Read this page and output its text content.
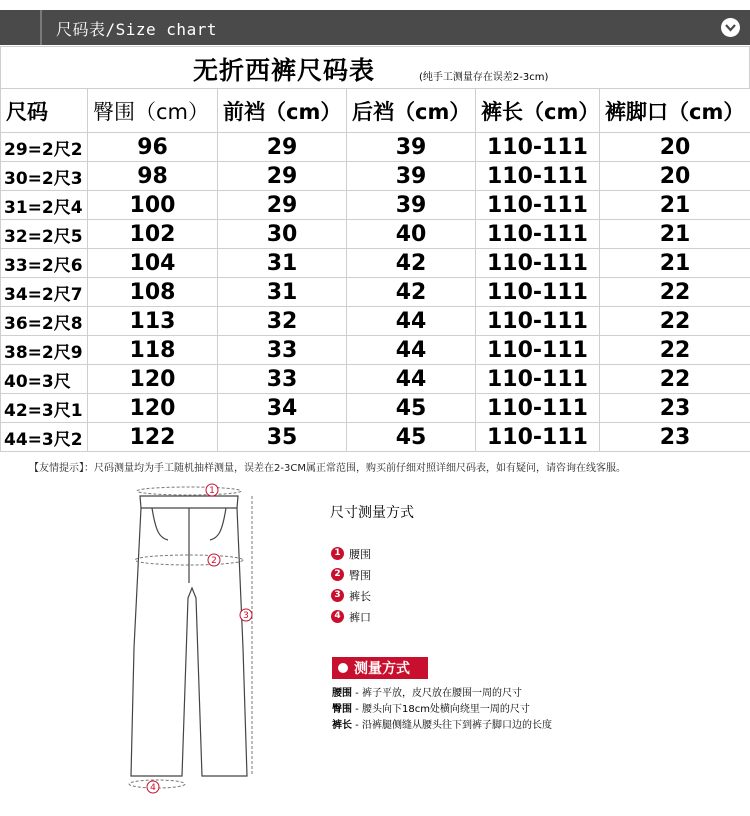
尺码表/Size chart
无折西裤尺码表	(纯手工测量存在误差2-3cm)
尺码	臀围（cm）	前裆（cm）	后裆（cm）	裤长（cm）	裤脚口（cm）
29=2尺2	96	29	39	110-111	20
30=2尺3	98	29	39	110-111	20
31=2尺4	100	29	39	110-111	21
32=2尺5	102	30	40	110-111	21
33=2尺6	104	31	42	110-111	21
34=2尺7	108	31	42	110-111	22
36=2尺8	113	32	44	110-111	22
38=2尺9	118	33	44	110-111	22
40=3尺	120	33	44	110-111	22
42=3尺1	120	34	45	110-111	23
44=3尺2	122	35	45	110-111	23
【友情提示】：尺码测量均为手工随机抽样测量，误差在2-3CM属正常范围，购买前仔细对照详细尺码表，如有疑问，请咨询在线客服。
1
2
3
4
尺寸测量方式
1 腰围
2 臀围
3 裤长
4 裤口
测量方式
腰围 - 裤子平放，皮尺放在腰围一周的尺寸
臀围 - 腰头向下18cm处横向绕里一周的尺寸
裤长 - 沿裤腿侧缝从腰头往下到裤子脚口边的长度
